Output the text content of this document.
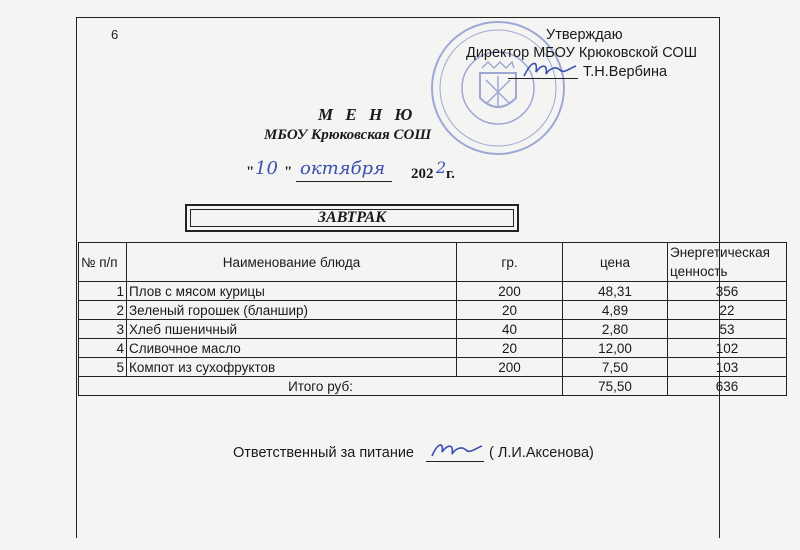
6	Утверждаю
Директор МБОУ Крюковской СОШ
Т.Н.Вербина
М Е Н Ю
МБОУ Крюковская СОШ
" 10 " октября 202 2 г.
ЗАВТРАК
№ п/п	Наименование блюда	гр.	цена	Энергетическая ценность
1	Плов с мясом курицы	200	48,31	356
2	Зеленый горошек (бланшир)	20	4,89	22
3	Хлеб пшеничный	40	2,80	53
4	Сливочное масло	20	12,00	102
5	Компот из сухофруктов	200	7,50	103
Итого руб:			75,50	636
Ответственный за питание	( Л.И.Аксенова)
